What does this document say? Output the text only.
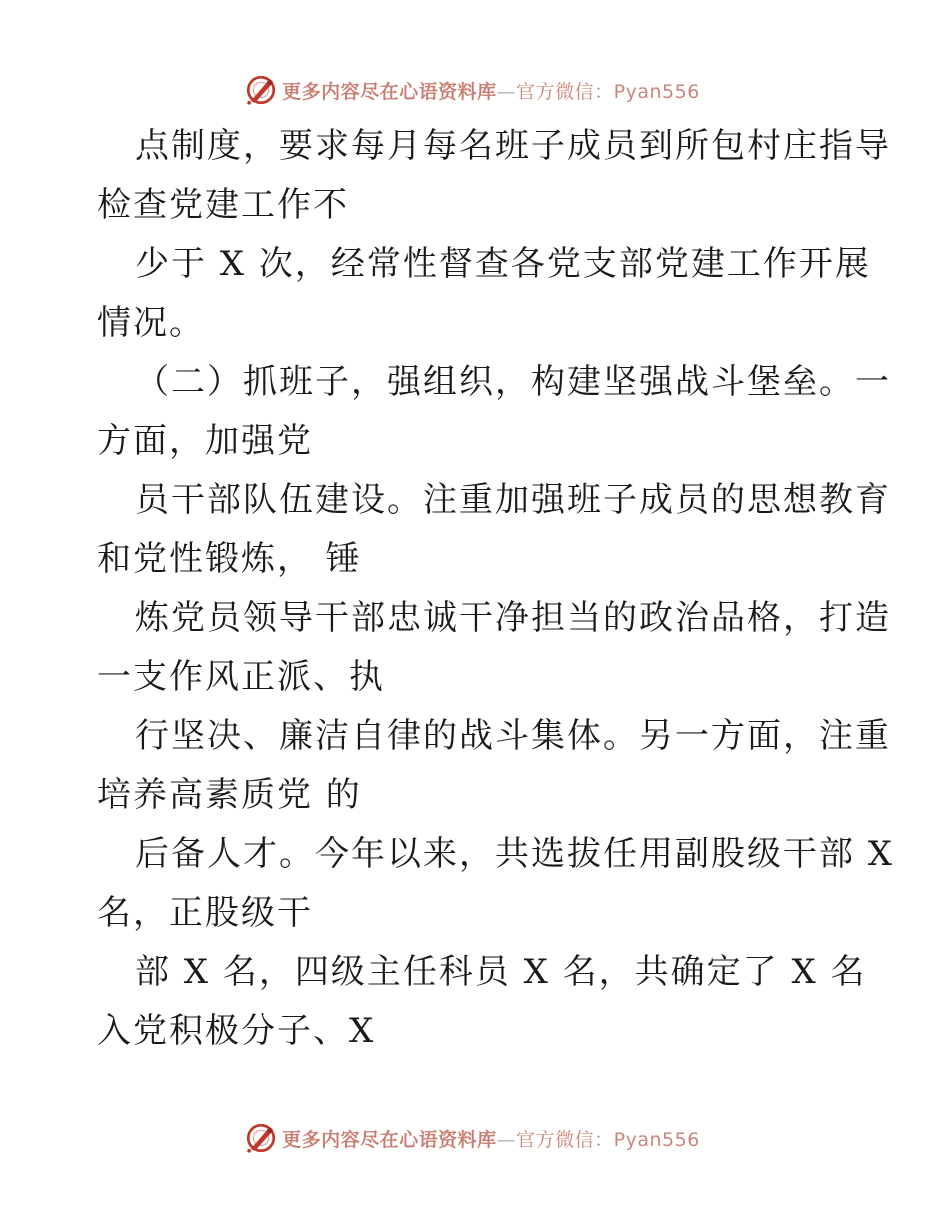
更多内容尽在心语资料库—官方微信：Pyan556
点制度，要求每月每名班子成员到所包村庄指导
检查党建工作不
少于 X 次，经常性督查各党支部党建工作开展
情况。
（二）抓班子，强组织，构建坚强战斗堡垒。一
方面，加强党
员干部队伍建设。注重加强班子成员的思想教育
和党性锻炼， 锤
炼党员领导干部忠诚干净担当的政治品格，打造
一支作风正派、执
行坚决、廉洁自律的战斗集体。另一方面，注重
培养高素质党 的
后备人才。今年以来，共选拔任用副股级干部 X
名，正股级干
部 X 名，四级主任科员 X 名，共确定了 X 名
入党积极分子、X
更多内容尽在心语资料库—官方微信：Pyan556
